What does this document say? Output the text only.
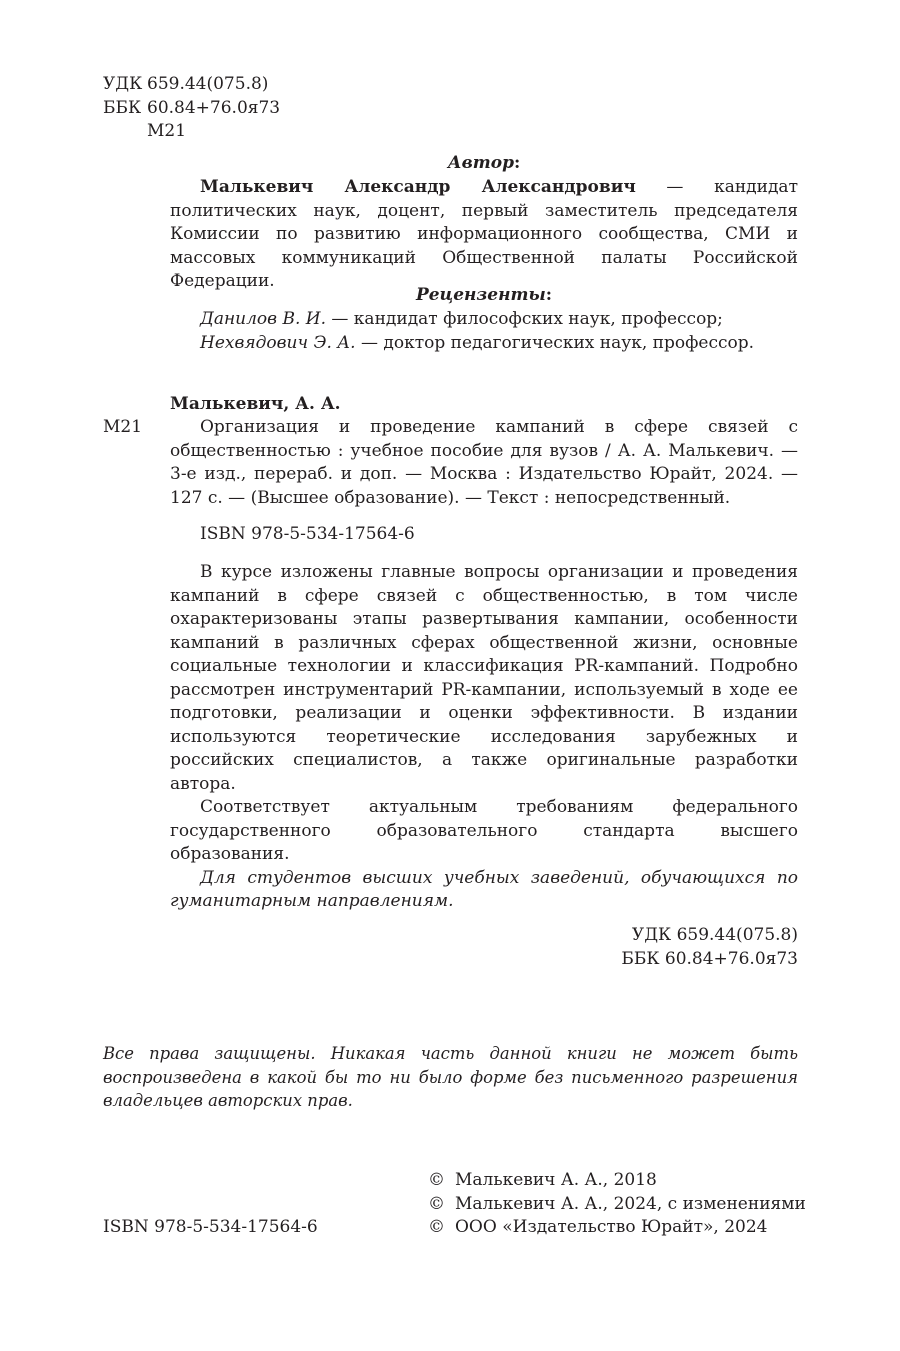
УДК 659.44(075.8)
ББК 60.84+76.0я73
М21
Автор:
Малькевич Александр Александрович — кандидат политических наук, доцент, первый заместитель председателя Комиссии по развитию информационного сообщества, СМИ и массовых коммуникаций Общественной палаты Российской Федерации.
Рецензенты:
Данилов В. И. — кандидат философских наук, профессор;
Нехвядович Э. А. — доктор педагогических наук, профессор.
Малькевич, А. А.
М21	Организация и проведение кампаний в сфере связей с общественностью : учебное пособие для вузов / А. А. Малькевич. — 3-е изд., перераб. и доп. — Москва : Издательство Юрайт, 2024. — 127 с. — (Высшее образование). — Текст : непосредственный.
ISBN 978-5-534-17564-6

В курсе изложены главные вопросы организации и проведения кампаний в сфере связей с общественностью, в том числе охарактеризованы этапы развертывания кампании, особенности кампаний в различных сферах общественной жизни, основные социальные технологии и классификация PR-кампаний. Подробно рассмотрен инструментарий PR-кампании, используемый в ходе ее подготовки, реализации и оценки эффективности. В издании используются теоретические исследования зарубежных и российских специалистов, а также оригинальные разработки автора.

Соответствует актуальным требованиям федерального государственного образовательного стандарта высшего образования.

Для студентов высших учебных заведений, обучающихся по гуманитарным направлениям.

УДК 659.44(075.8)
ББК 60.84+76.0я73
Все права защищены. Никакая часть данной книги не может быть воспроизведена в какой бы то ни было форме без письменного разрешения владельцев авторских прав.
© Малькевич А. А., 2018
© Малькевич А. А., 2024, с изменениями
© ООО «Издательство Юрайт», 2024
ISBN 978-5-534-17564-6
